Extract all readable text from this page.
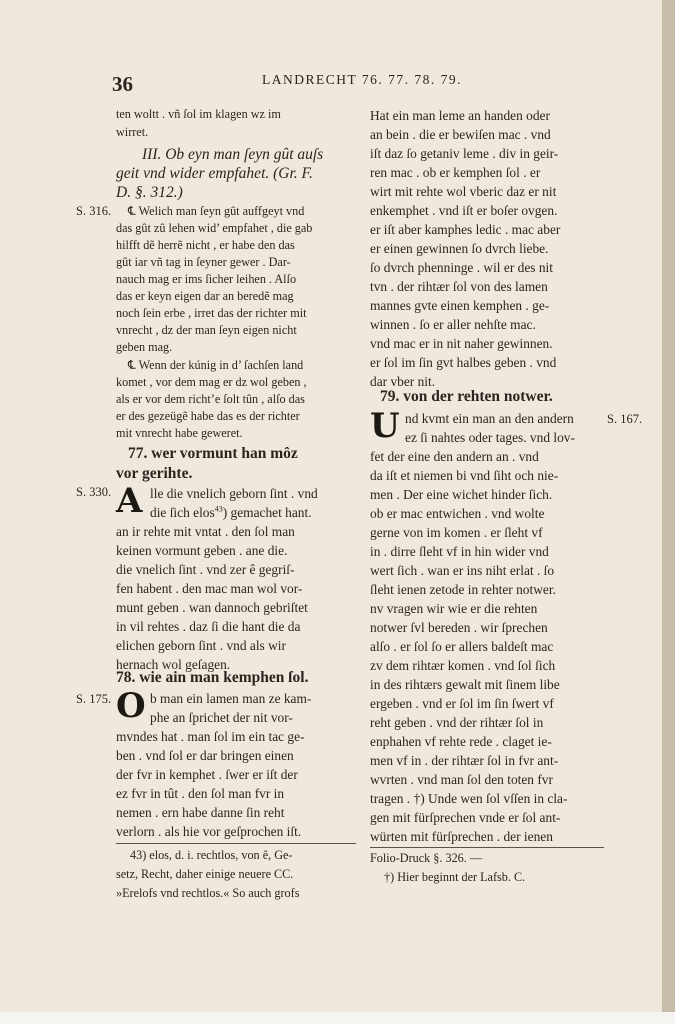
36	LANDRECHT 76. 77. 78. 79.
S. 316.
S. 330.
S. 175.
S. 167.
ten woltt . vñ ſol im klagen wz im
wirret.
III. Ob eyn man ſeyn gût auſs
geit vnd wider empfahet. (Gr. F.
D. §. 312.)
℄ Welich man ſeyn gût auffgeyt vnd
das gût zû lehen wid’ empfahet , die gab
hilfft dẽ herrẽ nicht , er habe den das
gût iar vñ tag in ſeyner gewer . Dar-
nauch mag er ims ſicher leihen . Alſo
das er keyn eigen dar an beredẽ mag
noch ſein erbe , irret das der richter mit
vnrecht , dz der man ſeyn eigen nicht
geben mag.
℄ Wenn der kúnig in d’ ſachſen land
komet , vor dem mag er dz wol geben ,
als er vor dem richt’e ſolt tûn , alſo das
er des gezeügẽ habe das es der richter
mit vnrecht habe geweret.
77. wer vormunt han môz
vor gerihte.
A lle die vnelich geborn ſint . vnd
die ſich elos$^{43}$) gemachet hant.
an ir rehte mit vntat . den ſol man
keinen vormunt geben . ane die.
die vnelich ſint . vnd zer ê gegriſ-
fen habent . den mac man wol vor-
munt geben . wan dannoch gebriſtet
in vil rehtes . daz ſi die hant die da
elichen geborn ſint . vnd als wir
hernach wol geſagen.
78. wie ain man kemphen ſol.
O b man ein lamen man ze kam-
phe an ſprichet der nit vor-
mvndes hat . man ſol im ein tac ge-
ben . vnd ſol er dar bringen einen
der fvr in kemphet . ſwer er iſt der
ez fvr in tût . den ſol man fvr in
nemen . ern habe danne ſin reht
verlorn . als hie vor geſprochen iſt.
43) elos, d. i. rechtlos, von ê, Ge-
setz, Recht, daher einige neuere CC.
»Erelofs vnd rechtlos.« So auch grofs
Hat ein man leme an handen oder
an bein . die er bewiſen mac . vnd
iſt daz ſo getaniv leme . div in geir-
ren mac . ob er kemphen ſol . er
wirt mit rehte wol vberic daz er nit
enkemphet . vnd iſt er boſer ovgen.
er iſt aber kamphes ledic . mac aber
er einen gewinnen ſo dvrch liebe.
ſo dvrch phenninge . wil er des nit
tvn . der rihtær ſol von des lamen
mannes gvte einen kemphen . ge-
winnen . ſo er aller nehſte mac.
vnd mac er in nit naher gewinnen.
er ſol im ſin gvt halbes geben . vnd
dar vber nit.
79. von der rehten notwer.
U nd kvmt ein man an den andern
ez ſi nahtes oder tages. vnd lov-
fet der eine den andern an . vnd
da iſt et niemen bi vnd ſiht och nie-
men . Der eine wichet hinder ſich.
ob er mac entwichen . vnd wolte
gerne von im komen . er ſleht vf
in . dirre ſleht vf in hin wider vnd
wert ſich . wan er ins niht erlat . ſo
ſleht ienen zetode in rehter notwer.
nv vragen wir wie er die rehten
notwer ſvl bereden . wir ſprechen
alſo . er ſol ſo er allers baldeſt mac
zv dem rihtær komen . vnd ſol ſich
in des rihtærs gewalt mit ſinem libe
ergeben . vnd er ſol im ſin ſwert vf
reht geben . vnd der rihtær ſol in
enphahen vf rehte rede . claget ie-
men vf in . der rihtær ſol in fvr ant-
wvrten . vnd man ſol den toten fvr
tragen . †) Unde wen ſol vſſen in cla-
gen mit fürſprechen vnde er ſol ant-
würten mit fürſprechen . der ienen
Folio-Druck §. 326. —
†) Hier beginnt der Lafsb. C.
